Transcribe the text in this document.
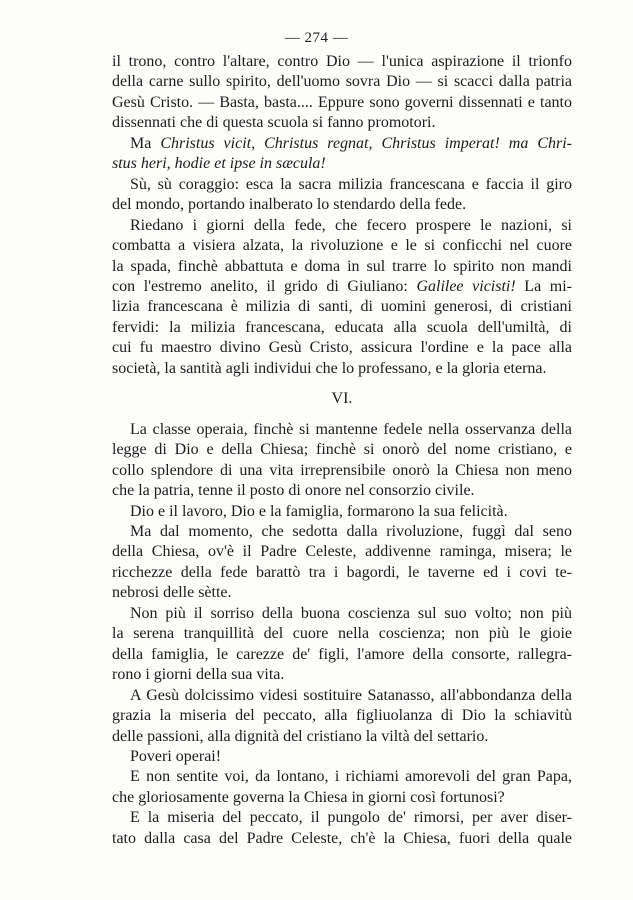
— 274 —
il trono, contro l'altare, contro Dio — l'unica aspirazione il trionfo
della carne sullo spirito, dell'uomo sovra Dio — si scacci dalla patria
Gesù Cristo. — Basta, basta.... Eppure sono governi dissennati e tanto
dissennati che di questa scuola si fanno promotori.
Ma Christus vicit, Christus regnat, Christus imperat! ma Chri-
stus heri, hodie et ipse in sæcula!
Sù, sù coraggio: esca la sacra milizia francescana e faccia il giro
del mondo, portando inalberato lo stendardo della fede.
Riedano i giorni della fede, che fecero prospere le nazioni, si
combatta a visiera alzata, la rivoluzione e le si conficchi nel cuore
la spada, finchè abbattuta e doma in sul trarre lo spirito non mandi
con l'estremo anelito, il grido di Giuliano: Galilee vicisti! La mi-
lizia francescana è milizia di santi, di uomini generosi, di cristiani
fervidi: la milizia francescana, educata alla scuola dell'umiltà, di
cui fu maestro divino Gesù Cristo, assicura l'ordine e la pace alla
società, la santità agli individui che lo professano, e la gloria eterna.
VI.
La classe operaia, finchè si mantenne fedele nella osservanza della
legge di Dio e della Chiesa; finchè si onorò del nome cristiano, e
collo splendore di una vita irreprensibile onorò la Chiesa non meno
che la patria, tenne il posto di onore nel consorzio civile.
Dio e il lavoro, Dio e la famiglia, formarono la sua felicità.
Ma dal momento, che sedotta dalla rivoluzione, fuggì dal seno
della Chiesa, ov'è il Padre Celeste, addivenne raminga, misera; le
ricchezze della fede barattò tra i bagordi, le taverne ed i covi te-
nebrosi delle sètte.
Non più il sorriso della buona coscienza sul suo volto; non più
la serena tranquillità del cuore nella coscienza; non più le gioie
della famiglia, le carezze de' figli, l'amore della consorte, rallegra-
rono i giorni della sua vita.
A Gesù dolcissimo videsi sostituire Satanasso, all'abbondanza della
grazia la miseria del peccato, alla figliuolanza di Dio la schiavitù
delle passioni, alla dignità del cristiano la viltà del settario.
Poveri operai!
E non sentite voi, da lontano, i richiami amorevoli del gran Papa,
che gloriosamente governa la Chiesa in giorni così fortunosi?
E la miseria del peccato, il pungolo de' rimorsi, per aver diser-
tato dalla casa del Padre Celeste, ch'è la Chiesa, fuori della quale
